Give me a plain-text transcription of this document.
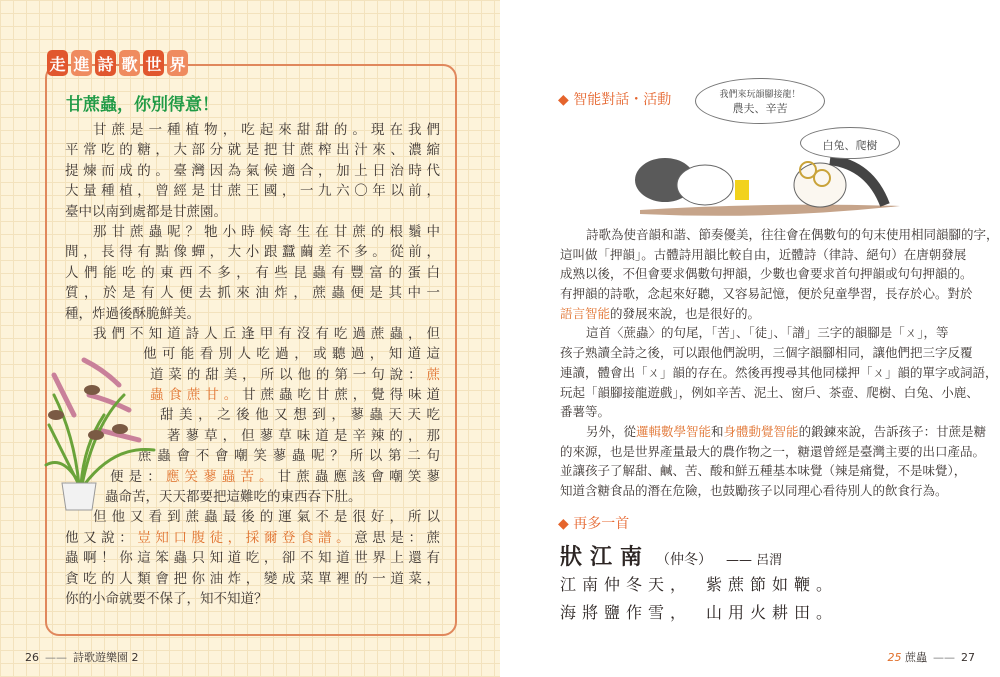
走 進 詩 歌 世 界
甘蔗蟲，你別得意！
甘蔗是一種植物，吃起來甜甜的。現在我們
平常吃的糖，大部分就是把甘蔗榨出汁來、濃縮
提煉而成的。臺灣因為氣候適合，加上日治時代
大量種植，曾經是甘蔗王國，一九六〇年以前，
臺中以南到處都是甘蔗園。
那甘蔗蟲呢？牠小時候寄生在甘蔗的根鬚中
間，長得有點像蟬，大小跟蠶繭差不多。從前，
人們能吃的東西不多，有些昆蟲有豐富的蛋白
質，於是有人便去抓來油炸，蔗蟲便是其中一
種，炸過後酥脆鮮美。
我們不知道詩人丘逢甲有沒有吃過蔗蟲，但
他可能看別人吃過，或聽過，知道這
道菜的甜美，所以他的第一句說：蔗
蟲食蔗甘。甘蔗蟲吃甘蔗，覺得味道
甜美，之後他又想到，蓼蟲天天吃
著蓼草，但蓼草味道是辛辣的，那
蔗蟲會不會嘲笑蓼蟲呢？所以第二句
便是：應笑蓼蟲苦。甘蔗蟲應該會嘲笑蓼
蟲命苦，天天都要把這難吃的東西吞下肚。
但他又看到蔗蟲最後的運氣不是很好，所以
他又說：豈知口腹徒，採爾登食譜。意思是：蔗
蟲啊！你這笨蟲只知道吃，卻不知道世界上還有
貪吃的人類會把你油炸，變成菜單裡的一道菜，
你的小命就要不保了，知不知道？
26 —— 詩歌遊樂園 2
◆ 智能對話・活動	我們來玩韻腳接龍！
農夫、辛苦
白兔、爬樹
詩歌為使音韻和諧、節奏優美，往往會在偶數句的句末使用相同韻腳的字，
這叫做「押韻」。古體詩用韻比較自由，近體詩（律詩、絕句）在唐朝發展
成熟以後，不但會要求偶數句押韻，少數也會要求首句押韻或句句押韻的。
有押韻的詩歌，念起來好聽，又容易記憶，便於兒童學習，長存於心。對於
語言智能的發展來說，也是很好的。
這首〈蔗蟲〉的句尾，「苦」、「徒」、「譜」三字的韻腳是「ㄨ」，等
孩子熟讀全詩之後，可以跟他們說明，三個字韻腳相同，讓他們把三字反覆
連讀，體會出「ㄨ」韻的存在。然後再搜尋其他同樣押「ㄨ」韻的單字或詞語，
玩起「韻腳接龍遊戲」，例如辛苦、泥土、窗戶、茶壺、爬樹、白兔、小鹿、
番薯等。
另外，從邏輯數學智能和身體動覺智能的鍛鍊來說，告訴孩子：甘蔗是糖
的來源，也是世界產量最大的農作物之一，糖還曾經是臺灣主要的出口產品。
並讓孩子了解甜、鹹、苦、酸和鮮五種基本味覺（辣是痛覺，不是味覺），
知道含糖食品的潛在危險，也鼓勵孩子以同理心看待別人的飲食行為。
◆ 再多一首
狀江南 （仲冬） —— 呂渭
江南仲冬天，　紫蔗節如鞭。
海將鹽作雪，　山用火耕田。
25 蔗蟲 —— 27
